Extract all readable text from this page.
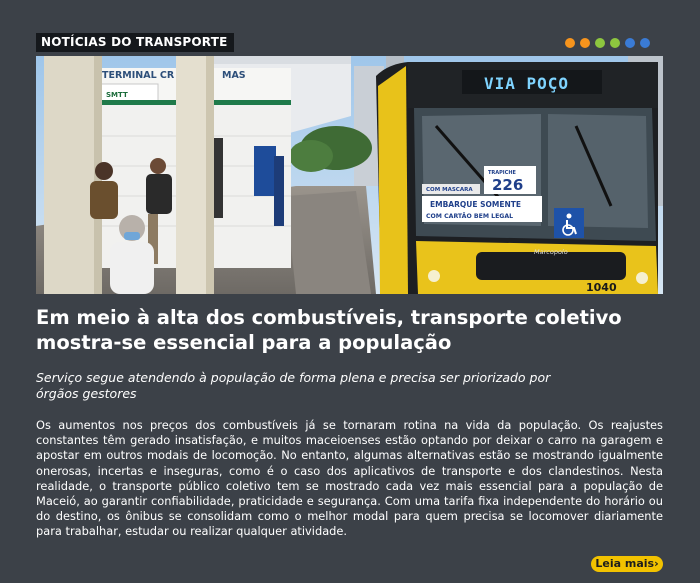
NOTÍCIAS DO TRANSPORTE
TERMINAL CR	MAS
SMTT
VIA POÇO
TRAPICHE
226
COM MASCARA
EMBARQUE SOMENTE
COM CARTÃO BEM LEGAL
Marcopolo
1040
Em meio à alta dos combustíveis, transporte coletivo mostra-se essencial para a população

Serviço segue atendendo à população de forma plena e precisa ser priorizado por órgãos gestores

Os aumentos nos preços dos combustíveis já se tornaram rotina na vida da população. Os reajustes constantes têm gerado insatisfação, e muitos maceioenses estão optando por deixar o carro na garagem e apostar em outros modais de locomoção. No entanto, algumas alternativas estão se mostrando igualmente onerosas, incertas e inseguras, como é o caso dos aplicativos de transporte e dos clandestinos. Nesta realidade, o transporte público coletivo tem se mostrado cada vez mais essencial para a população de Maceió, ao garantir confiabilidade, praticidade e segurança. Com uma tarifa fixa independente do horário ou do destino, os ônibus se consolidam como o melhor modal para quem precisa se locomover diariamente para trabalhar, estudar ou realizar qualquer atividade.

Leia mais›
